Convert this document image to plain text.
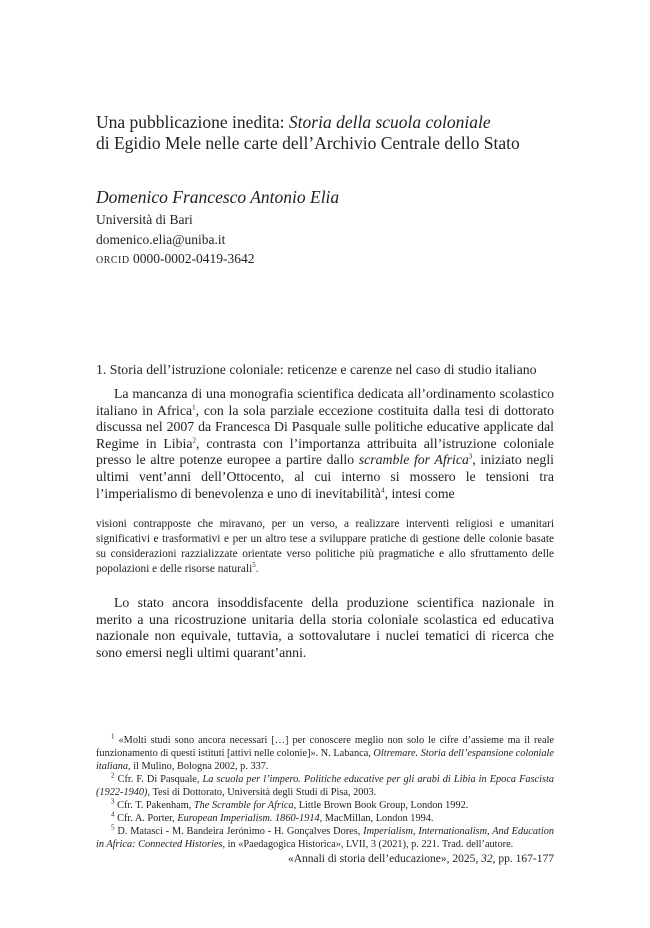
Una pubblicazione inedita: Storia della scuola coloniale
di Egidio Mele nelle carte dell’Archivio Centrale dello Stato
Domenico Francesco Antonio Elia
Università di Bari
domenico.elia@uniba.it
ORCID 0000-0002-0419-3642
1. Storia dell’istruzione coloniale: reticenze e carenze nel caso di studio italiano

La mancanza di una monografia scientifica dedicata all’ordinamento scolastico italiano in Africa$^1$, con la sola parziale eccezione costituita dalla tesi di dottorato discussa nel 2007 da Francesca Di Pasquale sulle politiche educative applicate dal Regime in Libia$^2$, contrasta con l’importanza attribuita all’istruzione coloniale presso le altre potenze europee a partire dallo scramble for Africa$^3$, iniziato negli ultimi vent’anni dell’Ottocento, al cui interno si mossero le tensioni tra l’imperialismo di benevolenza e uno di inevitabilità$^4$, intesi come

visioni contrapposte che miravano, per un verso, a realizzare interventi religiosi e umanitari significativi e trasformativi e per un altro tese a sviluppare pratiche di gestione delle colonie basate su considerazioni razzializzate orientate verso politiche più pragmatiche e allo sfruttamento delle popolazioni e delle risorse naturali$^5$.

Lo stato ancora insoddisfacente della produzione scientifica nazionale in merito a una ricostruzione unitaria della storia coloniale scolastica ed educativa nazionale non equivale, tuttavia, a sottovalutare i nuclei tematici di ricerca che sono emersi negli ultimi quarant’anni.

$^1$ «Molti studi sono ancora necessari […] per conoscere meglio non solo le cifre d’assieme ma il reale funzionamento di questi istituti [attivi nelle colonie]». N. Labanca, Oltremare. Storia dell’espansione coloniale italiana, il Mulino, Bologna 2002, p. 337.

$^2$ Cfr. F. Di Pasquale, La scuola per l’impero. Politiche educative per gli arabi di Libia in Epoca Fascista (1922-1940), Tesi di Dottorato, Università degli Studi di Pisa, 2003.

$^3$ Cfr. T. Pakenham, The Scramble for Africa, Little Brown Book Group, London 1992.

$^4$ Cfr. A. Porter, European Imperialism. 1860-1914, MacMillan, London 1994.

$^5$ D. Matasci - M. Bandeira Jerónimo - H. Gonçalves Dores, Imperialism, Internationalism, And Education in Africa: Connected Histories, in «Paedagogica Historica», LVII, 3 (2021), p. 221. Trad. dell’autore.

«Annali di storia dell’educazione», 2025, 32, pp. 167-177
